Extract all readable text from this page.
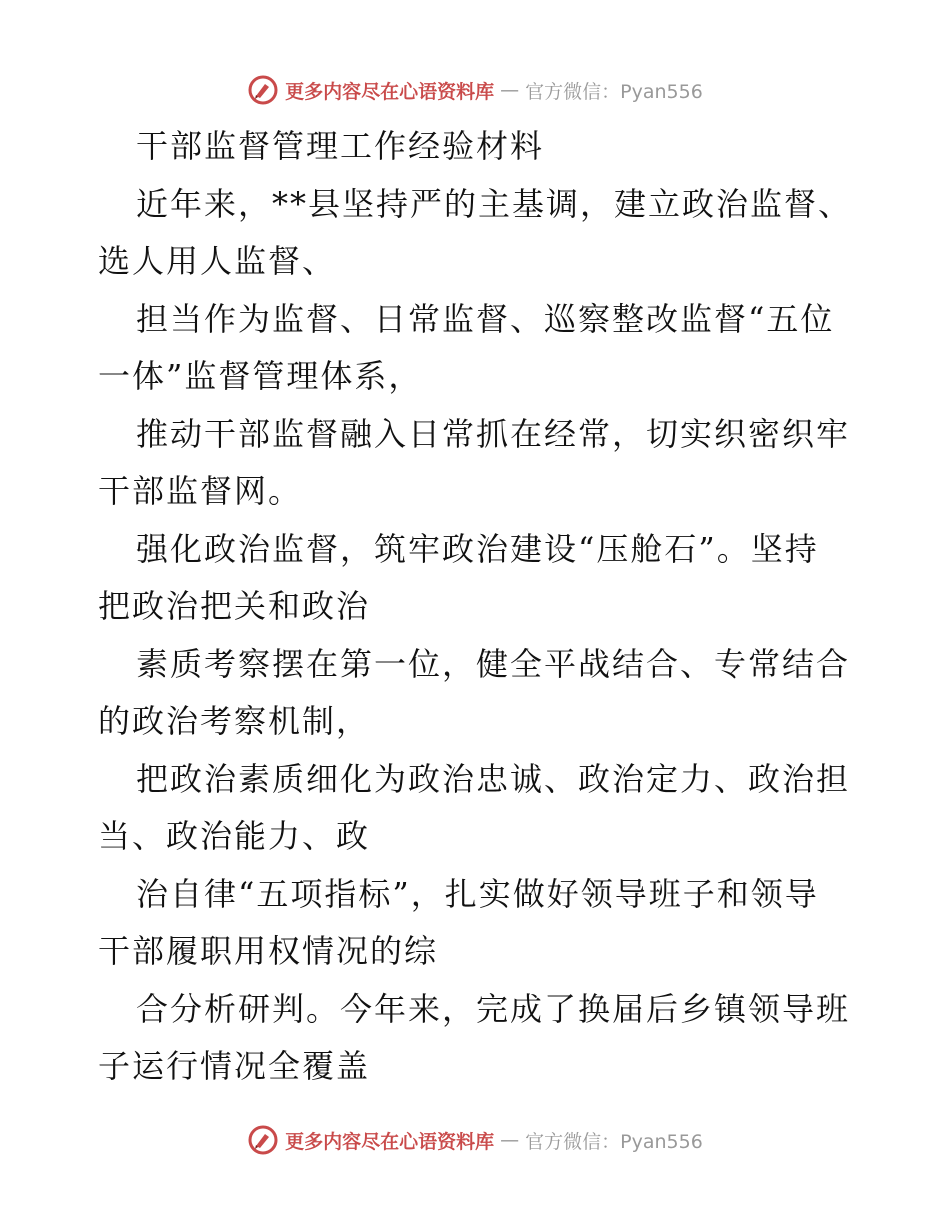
更多内容尽在心语资料库 — 官方微信：Pyan556
干部监督管理工作经验材料
近年来，**县坚持严的主基调，建立政治监督、
选人用人监督、
担当作为监督、日常监督、巡察整改监督“五位
一体”监督管理体系，
推动干部监督融入日常抓在经常，切实织密织牢
干部监督网。
强化政治监督，筑牢政治建设“压舱石”。坚持
把政治把关和政治
素质考察摆在第一位，健全平战结合、专常结合
的政治考察机制，
把政治素质细化为政治忠诚、政治定力、政治担
当、政治能力、政
治自律“五项指标”，扎实做好领导班子和领导
干部履职用权情况的综
合分析研判。今年来，完成了换届后乡镇领导班
子运行情况全覆盖
更多内容尽在心语资料库 — 官方微信：Pyan556
